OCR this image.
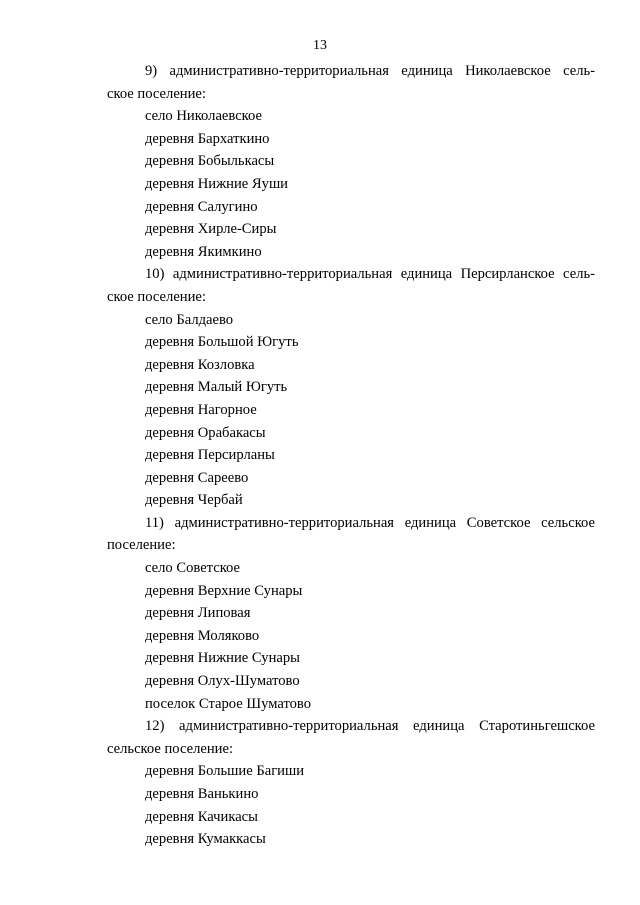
13
9) административно-территориальная единица Николаевское сель-
ское поселение:
село Николаевское
деревня Бархаткино
деревня Бобылькасы
деревня Нижние Яуши
деревня Салугино
деревня Хирле-Сиры
деревня Якимкино
10) административно-территориальная единица Персирланское сель-
ское поселение:
село Балдаево
деревня Большой Югуть
деревня Козловка
деревня Малый Югуть
деревня Нагорное
деревня Орабакасы
деревня Персирланы
деревня Сареево
деревня Чербай
11) административно-территориальная единица Советское сельское
поселение:
село Советское
деревня Верхние Сунары
деревня Липовая
деревня Моляково
деревня Нижние Сунары
деревня Олух-Шуматово
поселок Старое Шуматово
12) административно-территориальная единица Старотиньгешское
сельское поселение:
деревня Большие Багиши
деревня Ванькино
деревня Качикасы
деревня Кумаккасы
